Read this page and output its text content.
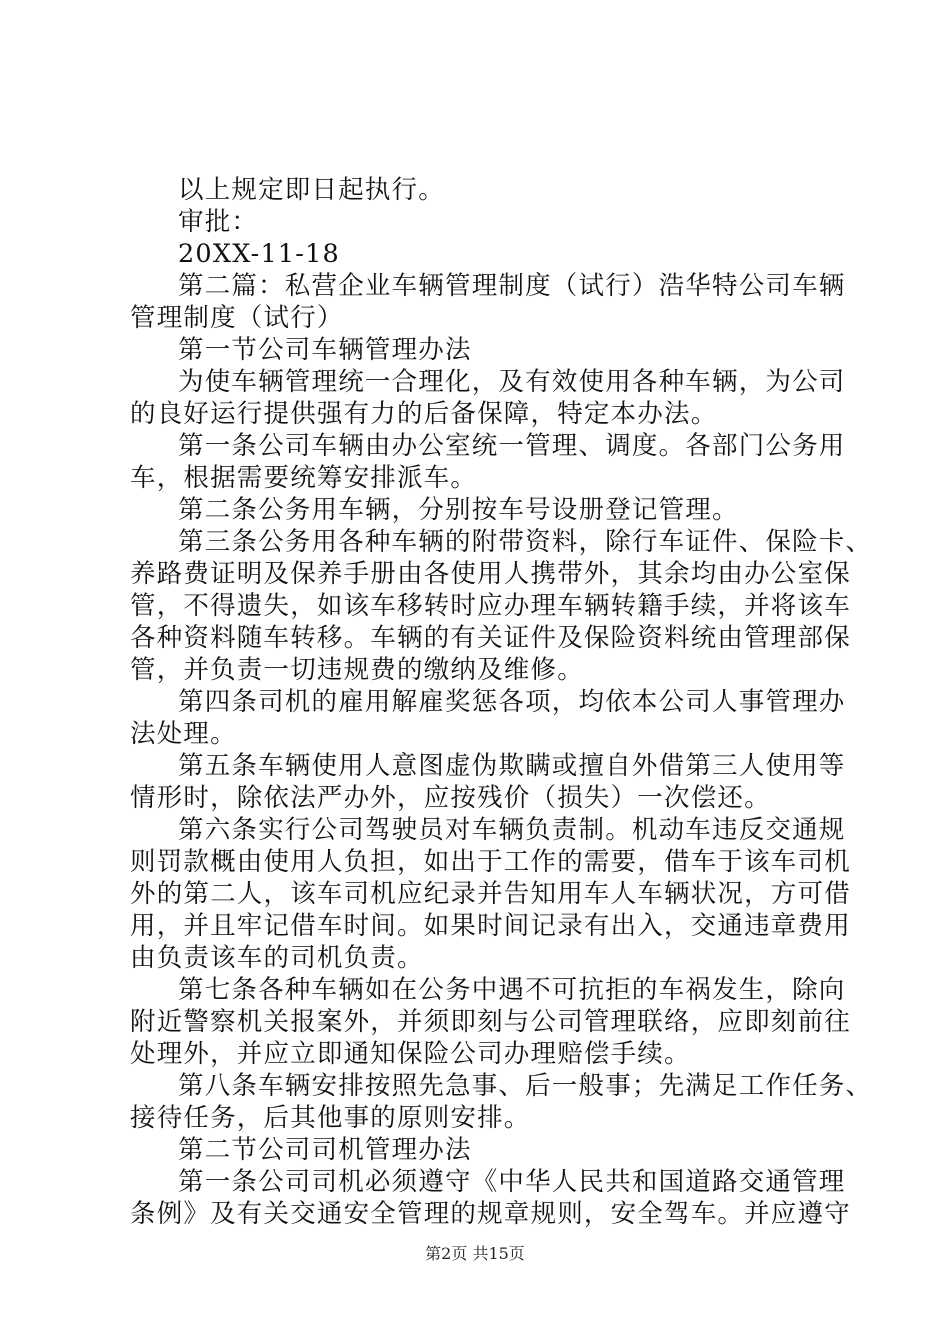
以上规定即日起执行。
审批：
20XX-11-18
第二篇：私营企业车辆管理制度（试行）浩华特公司车辆
管理制度（试行）
第一节公司车辆管理办法
为使车辆管理统一合理化，及有效使用各种车辆，为公司
的良好运行提供强有力的后备保障，特定本办法。
第一条公司车辆由办公室统一管理、调度。各部门公务用
车，根据需要统筹安排派车。
第二条公务用车辆，分别按车号设册登记管理。
第三条公务用各种车辆的附带资料，除行车证件、保险卡、
养路费证明及保养手册由各使用人携带外，其余均由办公室保
管，不得遗失，如该车移转时应办理车辆转籍手续，并将该车
各种资料随车转移。车辆的有关证件及保险资料统由管理部保
管，并负责一切违规费的缴纳及维修。
第四条司机的雇用解雇奖惩各项，均依本公司人事管理办
法处理。
第五条车辆使用人意图虚伪欺瞒或擅自外借第三人使用等
情形时，除依法严办外，应按残价（损失）一次偿还。
第六条实行公司驾驶员对车辆负责制。机动车违反交通规
则罚款概由使用人负担，如出于工作的需要，借车于该车司机
外的第二人，该车司机应纪录并告知用车人车辆状况，方可借
用，并且牢记借车时间。如果时间记录有出入，交通违章费用
由负责该车的司机负责。
第七条各种车辆如在公务中遇不可抗拒的车祸发生，除向
附近警察机关报案外，并须即刻与公司管理联络，应即刻前往
处理外，并应立即通知保险公司办理赔偿手续。
第八条车辆安排按照先急事、后一般事；先满足工作任务、
接待任务，后其他事的原则安排。
第二节公司司机管理办法
第一条公司司机必须遵守《中华人民共和国道路交通管理
条例》及有关交通安全管理的规章规则，安全驾车。并应遵守
第2页 共15页
